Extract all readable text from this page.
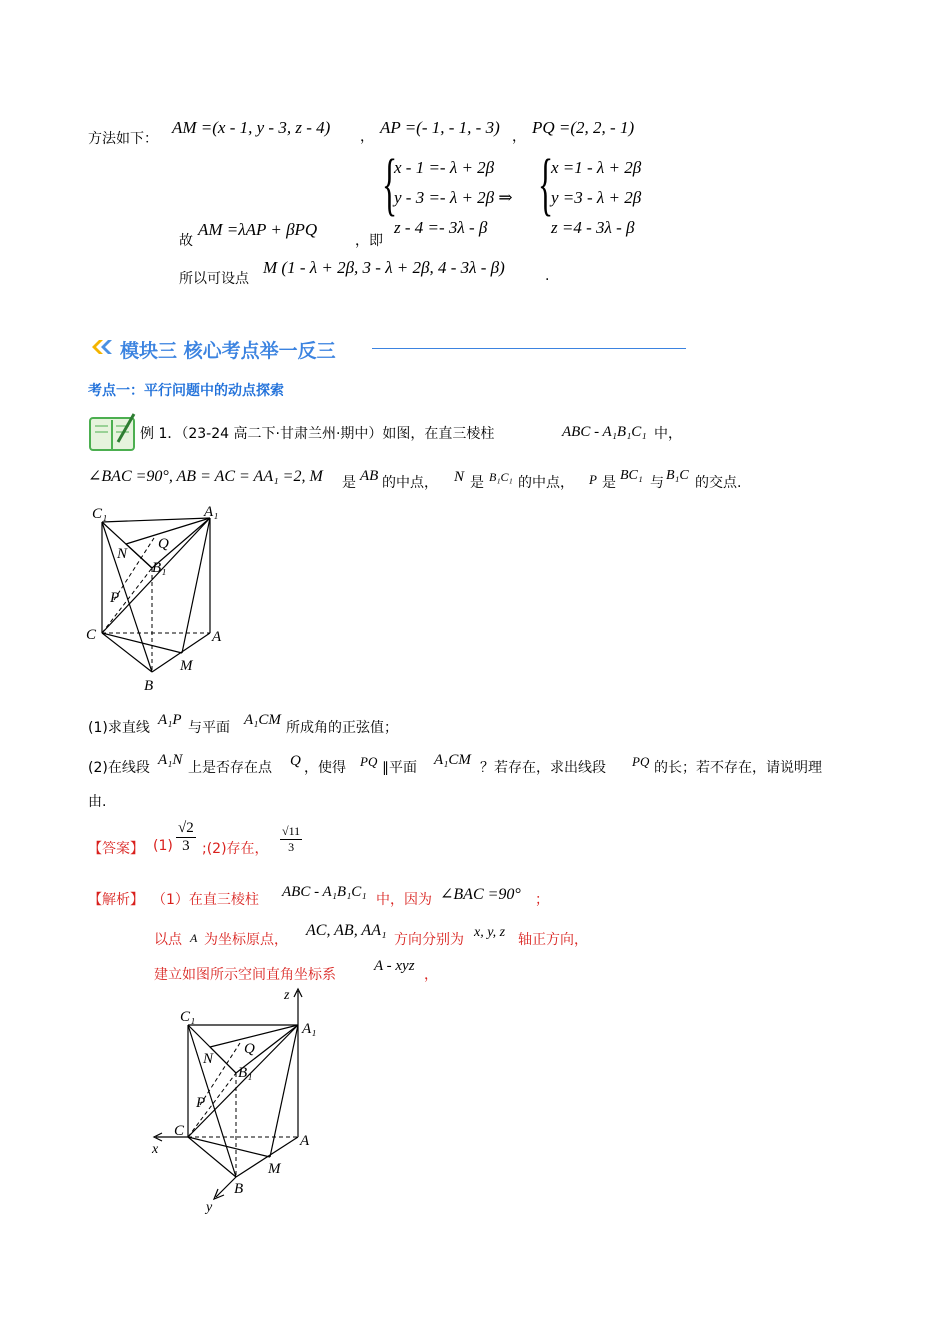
方法如下：
AM =(x - 1, y - 3, z - 4) ， AP =(- 1, - 1, - 3) ， PQ =(2, 2, - 1)
故
AM =λAP + βPQ
，即
{
x - 1 =- λ + 2β
y - 3 =- λ + 2β ⇒
z - 4 =- 3λ - β
{
x =1 - λ + 2β
y =3 - λ + 2β
z =4 - 3λ - β
所以可设点
M (1 - λ + 2β, 3 - λ + 2β, 4 - 3λ - β)	.
模块三 核心考点举一反三
考点一：平行问题中的动点探索
例 1．（23-24 高二下·甘肃兰州·期中）如图，在直三棱柱	ABC - A₁B₁C₁ 中，
∠BAC =90°, AB = AC = AA₁ =2, M 是 AB 的中点， N 是 B₁C₁ 的中点， P 是 BC₁ 与 B₁C 的交点.
C₁	A₁
N
Q
B₁
P
C	A
M
B
(1)求直线 A₁P 与平面 A₁CM 所成角的正弦值；
(2)在线段 A₁N 上是否存在点 Q ，使得 PQ ∥平面 A₁CM ？若存在，求出线段 PQ 的长；若不存在，请说明理
由.
【答案】 $(1) \frac{√2}{3}$ ;(2)存在， $\frac{√11}{3}$
【解析】 （1）在直三棱柱 ABC - A₁B₁C₁ 中，因为 ∠BAC =90° ；
以点 A 为坐标原点，
AC, AB, AA₁
方向分别为 x, y, z 轴正方向，
建立如图所示空间直角坐标系
A - xyz
，
z
C₁
A₁
N
Q
B₁
P
C
A
x
M
B
y
